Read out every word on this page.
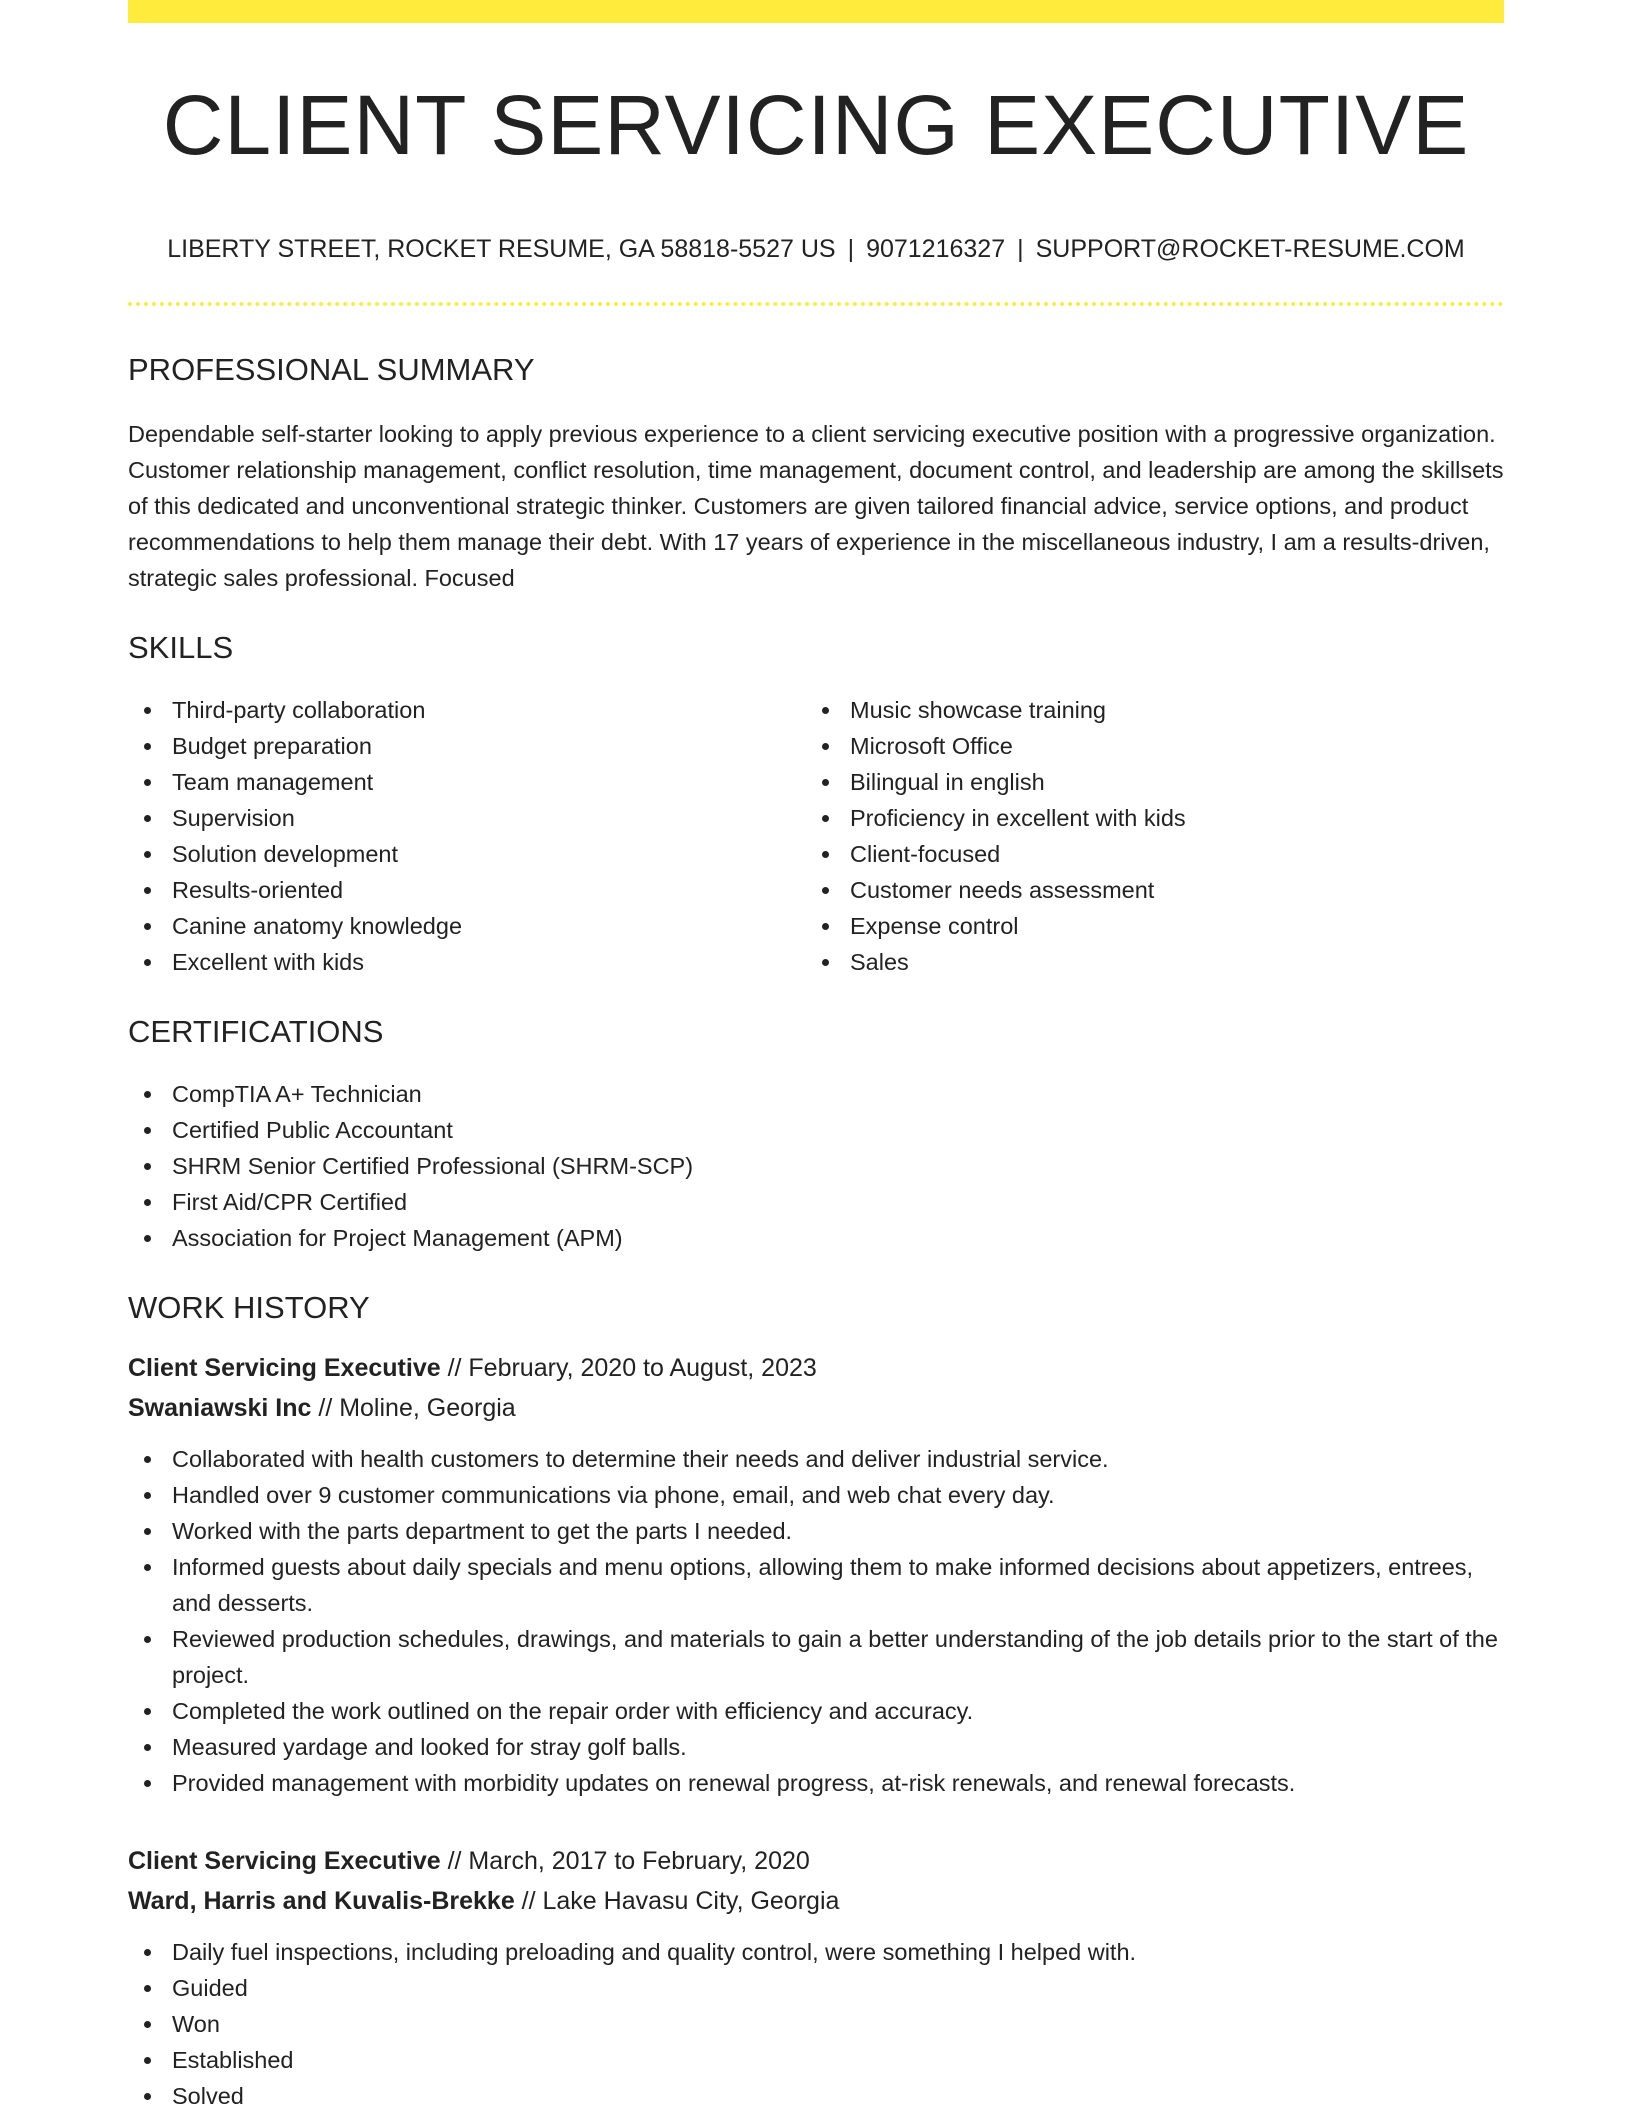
CLIENT SERVICING EXECUTIVE
LIBERTY STREET, ROCKET RESUME, GA 58818-5527 US | 9071216327 | SUPPORT@ROCKET-RESUME.COM
PROFESSIONAL SUMMARY

Dependable self-starter looking to apply previous experience to a client servicing executive position with a progressive organization. Customer relationship management, conflict resolution, time management, document control, and leadership are among the skillsets of this dedicated and unconventional strategic thinker. Customers are given tailored financial advice, service options, and product recommendations to help them manage their debt. With 17 years of experience in the miscellaneous industry, I am a results-driven, strategic sales professional. Focused

SKILLS
Third-party collaboration
Budget preparation
Team management
Supervision
Solution development
Results-oriented
Canine anatomy knowledge
Excellent with kids
Music showcase training
Microsoft Office
Bilingual in english
Proficiency in excellent with kids
Client-focused
Customer needs assessment
Expense control
Sales
CERTIFICATIONS
CompTIA A+ Technician
Certified Public Accountant
SHRM Senior Certified Professional (SHRM-SCP)
First Aid/CPR Certified
Association for Project Management (APM)
WORK HISTORY
Client Servicing Executive // February, 2020 to August, 2023
Swaniawski Inc // Moline, Georgia
Collaborated with health customers to determine their needs and deliver industrial service.
Handled over 9 customer communications via phone, email, and web chat every day.
Worked with the parts department to get the parts I needed.
Informed guests about daily specials and menu options, allowing them to make informed decisions about appetizers, entrees, and desserts.
Reviewed production schedules, drawings, and materials to gain a better understanding of the job details prior to the start of the project.
Completed the work outlined on the repair order with efficiency and accuracy.
Measured yardage and looked for stray golf balls.
Provided management with morbidity updates on renewal progress, at-risk renewals, and renewal forecasts.
Client Servicing Executive // March, 2017 to February, 2020
Ward, Harris and Kuvalis-Brekke // Lake Havasu City, Georgia
Daily fuel inspections, including preloading and quality control, were something I helped with.
Guided
Won
Established
Solved
